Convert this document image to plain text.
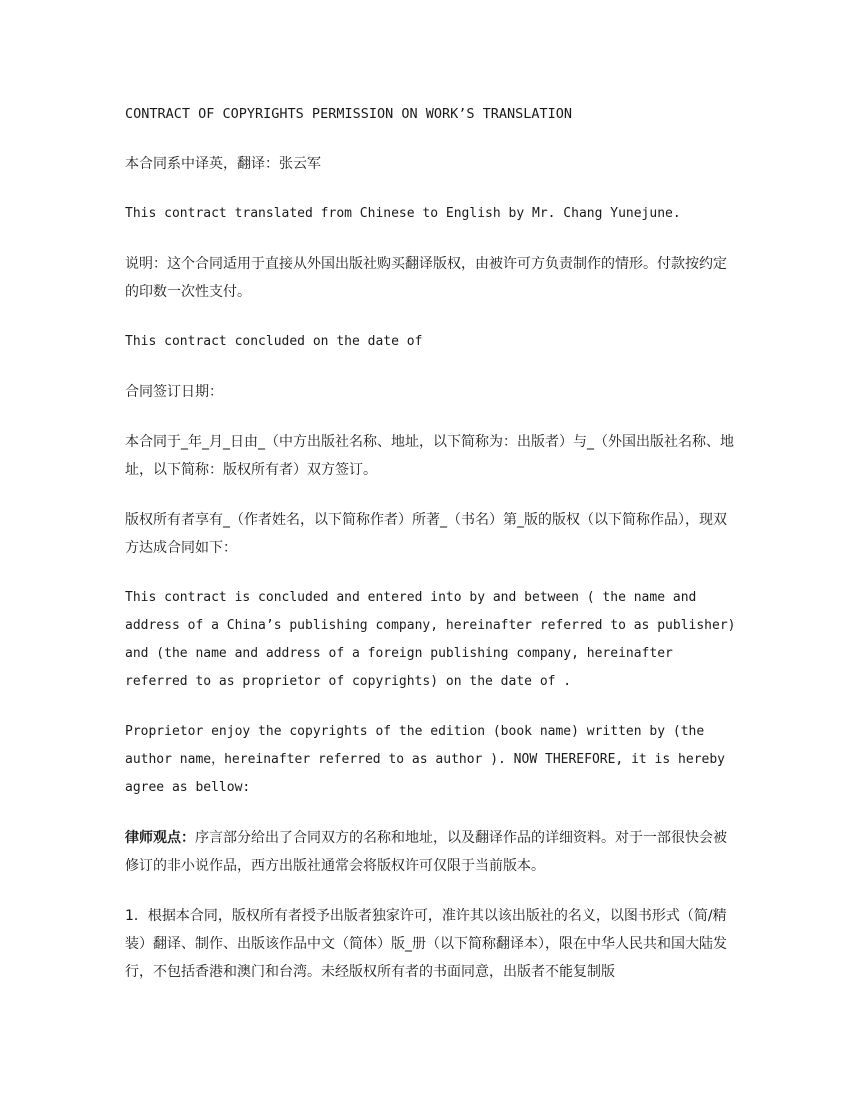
CONTRACT OF COPYRIGHTS PERMISSION ON WORK’S TRANSLATION

本合同系中译英，翻译：张云军

This contract translated from Chinese to English by Mr. Chang Yunejune.

说明：这个合同适用于直接从外国出版社购买翻译版权，由被许可方负责制作的情形。付款按约定的印数一次性支付。

This contract concluded on the date of

合同签订日期：

本合同于_年_月_日由_（中方出版社名称、地址，以下简称为：出版者）与_（外国出版社名称、地址，以下简称：版权所有者）双方签订。

版权所有者享有_（作者姓名，以下简称作者）所著_（书名）第_版的版权（以下简称作品），现双方达成合同如下：

This contract is concluded and entered into by and between ( the name and address of a China’s publishing company, hereinafter referred to as publisher) and (the name and address of a foreign publishing company, hereinafter referred to as proprietor of copyrights) on the date of .

Proprietor enjoy the copyrights of the edition (book name) written by (the author name，hereinafter referred to as author ). NOW THEREFORE, it is hereby agree as bellow:

律师观点：序言部分给出了合同双方的名称和地址，以及翻译作品的详细资料。对于一部很快会被修订的非小说作品，西方出版社通常会将版权许可仅限于当前版本。

1．根据本合同，版权所有者授予出版者独家许可，准许其以该出版社的名义，以图书形式（简/精装）翻译、制作、出版该作品中文（简体）版_册（以下简称翻译本），限在中华人民共和国大陆发行，不包括香港和澳门和台湾。未经版权所有者的书面同意，出版者不能复制版
